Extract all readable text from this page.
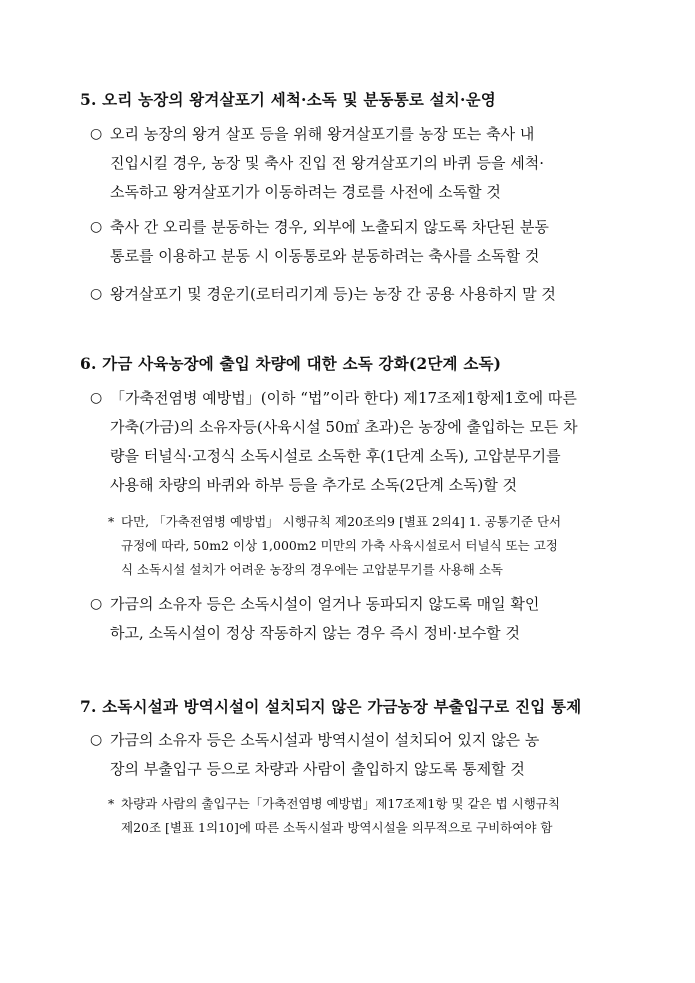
5. 오리 농장의 왕겨살포기 세척·소독 및 분동통로 설치·운영
○ 오리 농장의 왕겨 살포 등을 위해 왕겨살포기를 농장 또는 축사 내
진입시킬 경우, 농장 및 축사 진입 전 왕겨살포기의 바퀴 등을 세척·
소독하고 왕겨살포기가 이동하려는 경로를 사전에 소독할 것
○ 축사 간 오리를 분동하는 경우, 외부에 노출되지 않도록 차단된 분동
통로를 이용하고 분동 시 이동통로와 분동하려는 축사를 소독할 것
○ 왕겨살포기 및 경운기(로터리기계 등)는 농장 간 공용 사용하지 말 것
6. 가금 사육농장에 출입 차량에 대한 소독 강화(2단계 소독)
○ 「가축전염병 예방법」(이하 “법”이라 한다) 제17조제1항제1호에 따른
가축(가금)의 소유자등(사육시설 50㎡ 초과)은 농장에 출입하는 모든 차
량을 터널식·고정식 소독시설로 소독한 후(1단계 소독), 고압분무기를
사용해 차량의 바퀴와 하부 등을 추가로 소독(2단계 소독)할 것
* 다만, 「가축전염병 예방법」 시행규칙 제20조의9 [별표 2의4] 1. 공통기준 단서
규정에 따라, 50m2 이상 1,000m2 미만의 가축 사육시설로서 터널식 또는 고정
식 소독시설 설치가 어려운 농장의 경우에는 고압분무기를 사용해 소독
○ 가금의 소유자 등은 소독시설이 얼거나 동파되지 않도록 매일 확인
하고, 소독시설이 정상 작동하지 않는 경우 즉시 정비·보수할 것
7. 소독시설과 방역시설이 설치되지 않은 가금농장 부출입구로 진입 통제
○ 가금의 소유자 등은 소독시설과 방역시설이 설치되어 있지 않은 농
장의 부출입구 등으로 차량과 사람이 출입하지 않도록 통제할 것
* 차량과 사람의 출입구는「가축전염병 예방법」제17조제1항 및 같은 법 시행규칙
제20조 [별표 1의10]에 따른 소독시설과 방역시설을 의무적으로 구비하여야 함
